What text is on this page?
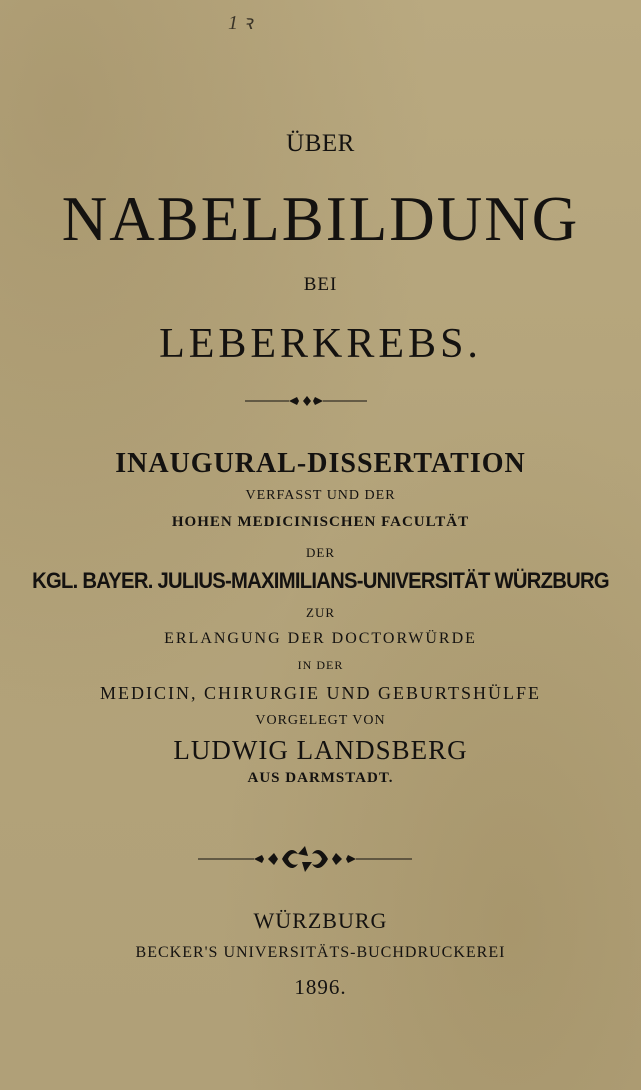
1 ꝛ
ÜBER
NABELBILDUNG
BEI
LEBERKREBS.
INAUGURAL-DISSERTATION
VERFASST UND DER
HOHEN MEDICINISCHEN FACULTÄT
DER
KGL. BAYER. JULIUS-MAXIMILIANS-UNIVERSITÄT WÜRZBURG
ZUR
ERLANGUNG DER DOCTORWÜRDE
IN DER
MEDICIN, CHIRURGIE UND GEBURTSHÜLFE
VORGELEGT VON
LUDWIG LANDSBERG
AUS DARMSTADT.
WÜRZBURG
BECKER'S UNIVERSITÄTS-BUCHDRUCKEREI
1896.
